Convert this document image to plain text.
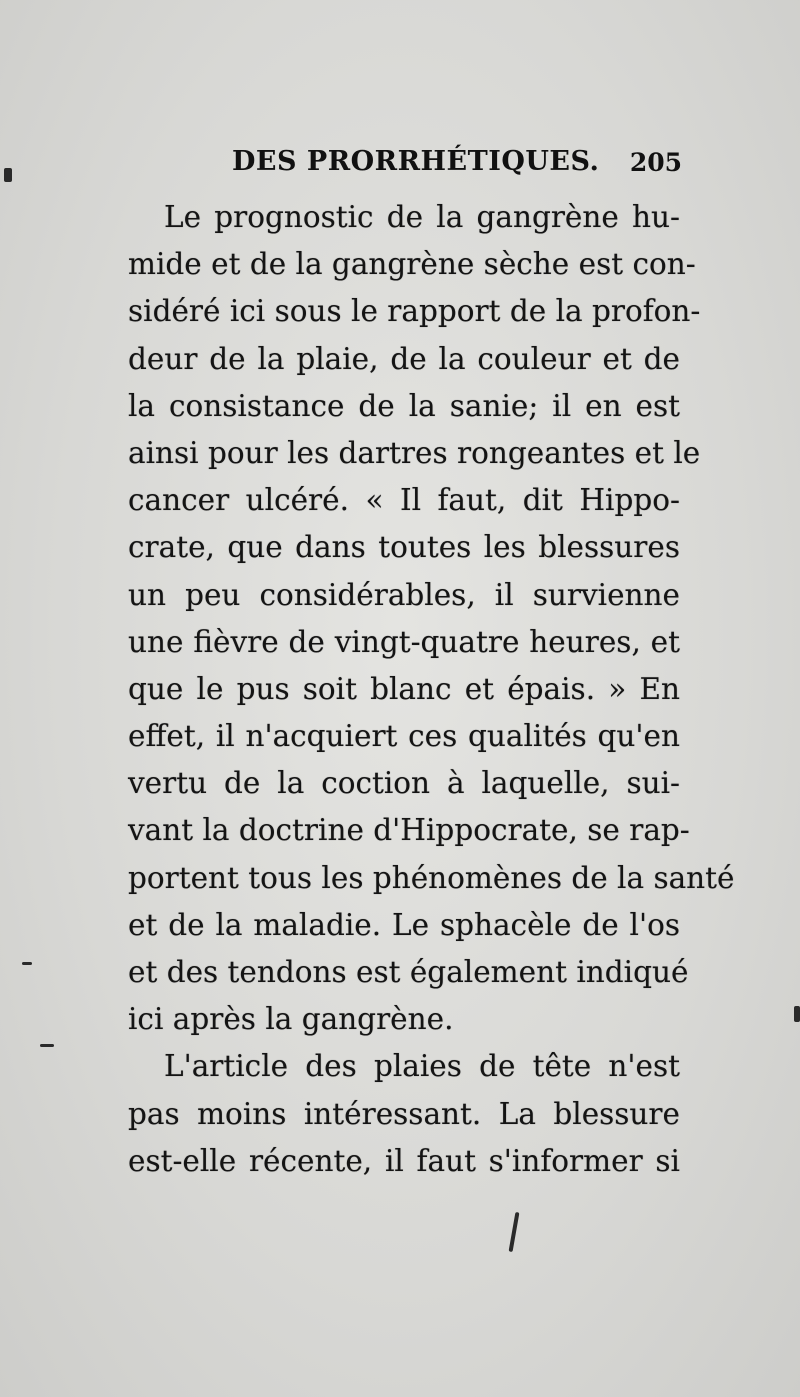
DES PRORRHÉTIQUES. 205
Le prognostic de la gangrène hu-
mide et de la gangrène sèche est con-
sidéré ici sous le rapport de la profon-
deur de la plaie, de la couleur et de
la consistance de la sanie; il en est
ainsi pour les dartres rongeantes et le
cancer ulcéré. « Il faut, dit Hippo-
crate, que dans toutes les blessures
un peu considérables, il survienne
une fièvre de vingt-quatre heures, et
que le pus soit blanc et épais. » En
effet, il n'acquiert ces qualités qu'en
vertu de la coction à laquelle, sui-
vant la doctrine d'Hippocrate, se rap-
portent tous les phénomènes de la santé
et de la maladie. Le sphacèle de l'os
et des tendons est également indiqué
ici après la gangrène.
L'article des plaies de tête n'est
pas moins intéressant. La blessure
est-elle récente, il faut s'informer si
